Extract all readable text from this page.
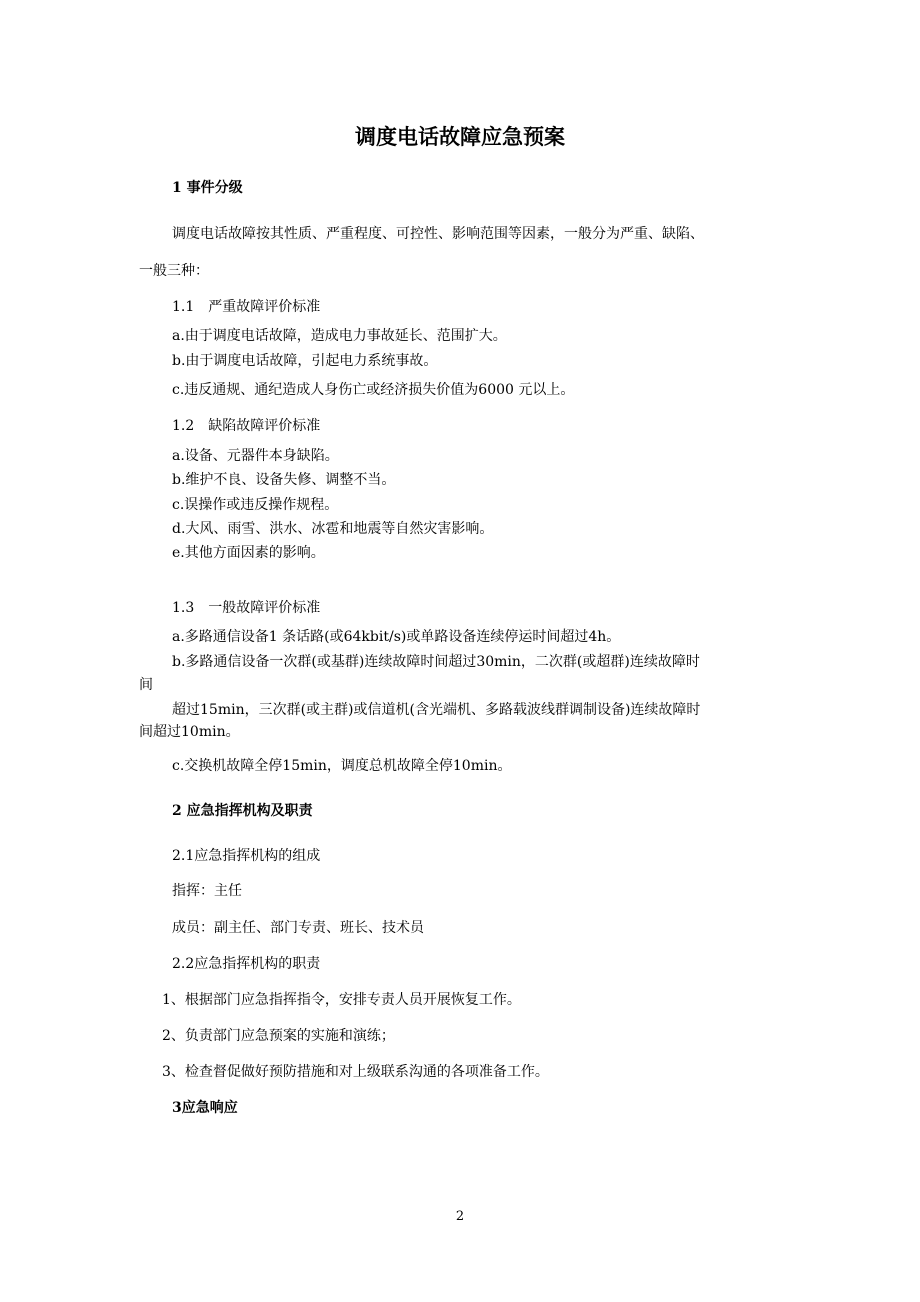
调度电话故障应急预案
1 事件分级
调度电话故障按其性质、严重程度、可控性、影响范围等因素，一般分为严重、缺陷、
一般三种：
1.1　严重故障评价标准
a.由于调度电话故障，造成电力事故延长、范围扩大。
b.由于调度电话故障，引起电力系统事故。
c.违反通规、通纪造成人身伤亡或经济损失价值为6000 元以上。
1.2　缺陷故障评价标准
a.设备、元器件本身缺陷。
b.维护不良、设备失修、调整不当。
c.误操作或违反操作规程。
d.大风、雨雪、洪水、冰雹和地震等自然灾害影响。
e.其他方面因素的影响。
1.3　一般故障评价标准
a.多路通信设备1 条话路(或64kbit/s)或单路设备连续停运时间超过4h。
b.多路通信设备一次群(或基群)连续故障时间超过30min，二次群(或超群)连续故障时
间
超过15min，三次群(或主群)或信道机(含光端机、多路载波线群调制设备)连续故障时
间超过10min。
c.交换机故障全停15min，调度总机故障全停10min。
2 应急指挥机构及职责
2.1应急指挥机构的组成
指挥：主任
成员：副主任、部门专责、班长、技术员
2.2应急指挥机构的职责
1、根据部门应急指挥指令，安排专责人员开展恢复工作。
2、负责部门应急预案的实施和演练；
3、检查督促做好预防措施和对上级联系沟通的各项准备工作。
3应急响应
2
